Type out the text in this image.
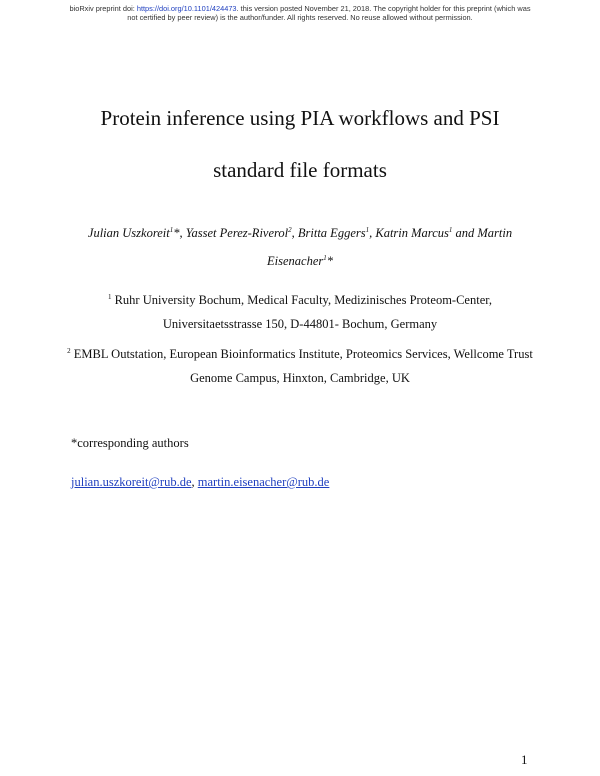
bioRxiv preprint doi: https://doi.org/10.1101/424473. this version posted November 21, 2018. The copyright holder for this preprint (which was
not certified by peer review) is the author/funder. All rights reserved. No reuse allowed without permission.
Protein inference using PIA workflows and PSI
standard file formats
Julian Uszkoreit$^1$*, Yasset Perez-Riverol$^2$, Britta Eggers$^1$, Katrin Marcus$^1$ and Martin
Eisenacher$^1$*
$^1$ Ruhr University Bochum, Medical Faculty, Medizinisches Proteom-Center,
Universitaetsstrasse 150, D-44801- Bochum, Germany
$^2$ EMBL Outstation, European Bioinformatics Institute, Proteomics Services, Wellcome Trust
Genome Campus, Hinxton, Cambridge, UK
*corresponding authors
julian.uszkoreit@rub.de, martin.eisenacher@rub.de
1
